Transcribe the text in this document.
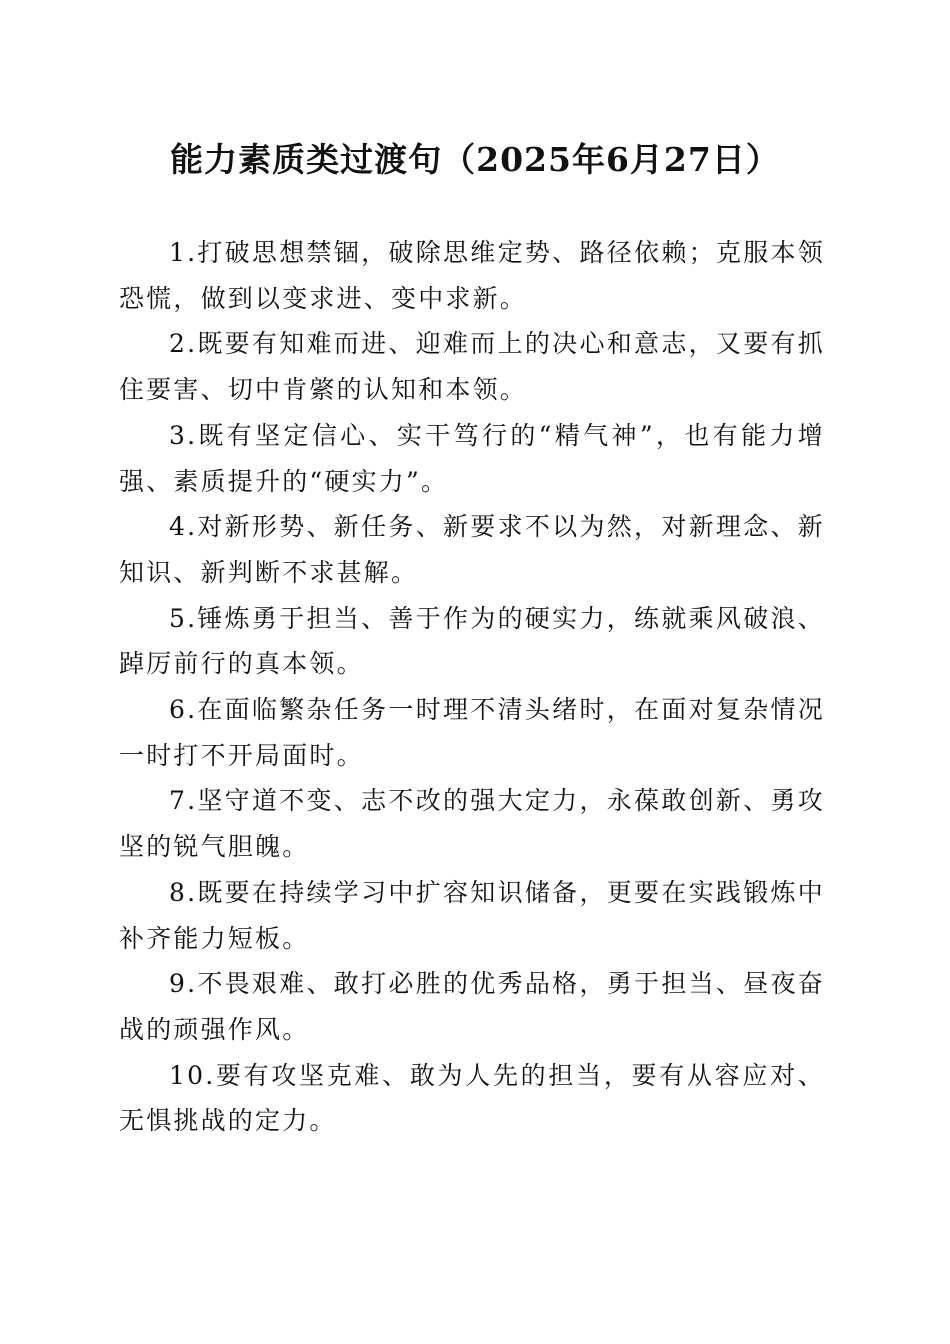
能力素质类过渡句（2025年6月27日）

1.打破思想禁锢，破除思维定势、路径依赖；克服本领恐慌，做到以变求进、变中求新。

2.既要有知难而进、迎难而上的决心和意志，又要有抓住要害、切中肯綮的认知和本领。

3.既有坚定信心、实干笃行的“精气神”，也有能力增强、素质提升的“硬实力”。

4.对新形势、新任务、新要求不以为然，对新理念、新知识、新判断不求甚解。

5.锤炼勇于担当、善于作为的硬实力，练就乘风破浪、踔厉前行的真本领。

6.在面临繁杂任务一时理不清头绪时，在面对复杂情况一时打不开局面时。

7.坚守道不变、志不改的强大定力，永葆敢创新、勇攻坚的锐气胆魄。

8.既要在持续学习中扩容知识储备，更要在实践锻炼中补齐能力短板。

9.不畏艰难、敢打必胜的优秀品格，勇于担当、昼夜奋战的顽强作风。

10.要有攻坚克难、敢为人先的担当，要有从容应对、无惧挑战的定力。
